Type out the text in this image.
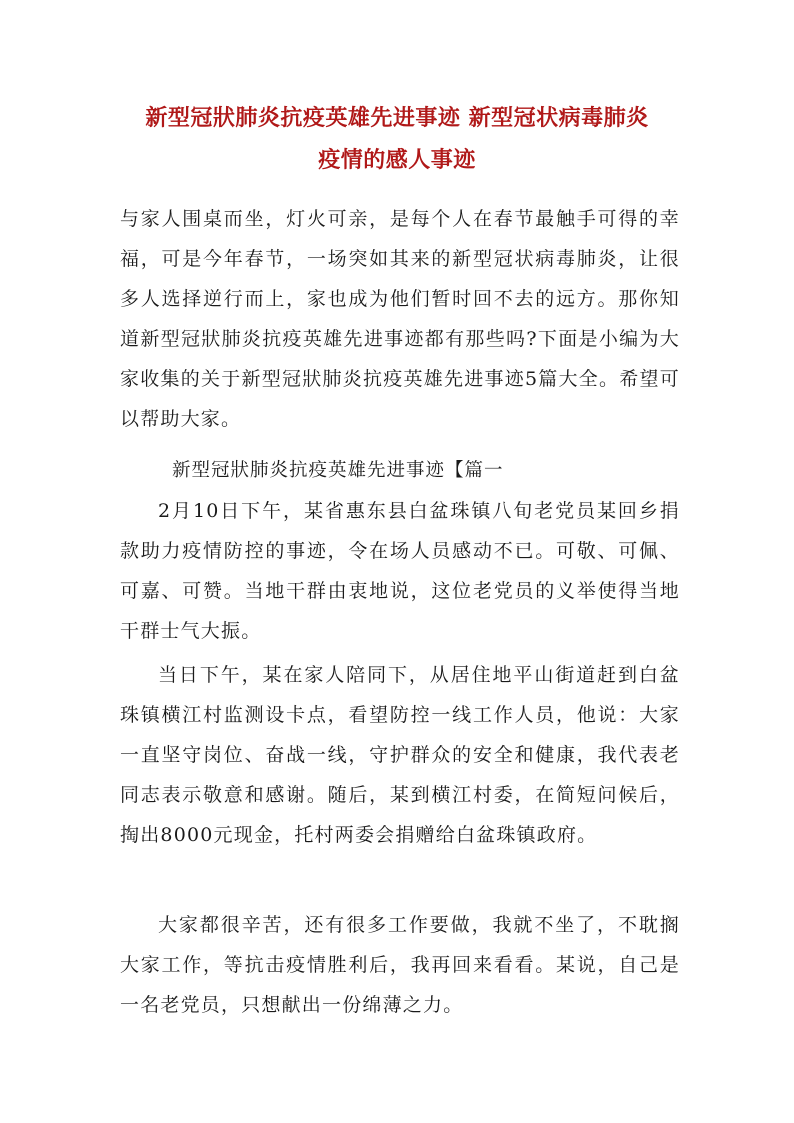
新型冠狀肺炎抗疫英雄先进事迹 新型冠状病毒肺炎
疫情的感人事迹

与家人围桌而坐，灯火可亲，是每个人在春节最触手可得的幸福，可是今年春节，一场突如其来的新型冠状病毒肺炎，让很多人选择逆行而上，家也成为他们暂时回不去的远方。那你知道新型冠狀肺炎抗疫英雄先进事迹都有那些吗?下面是小编为大家收集的关于新型冠狀肺炎抗疫英雄先进事迹5篇大全。希望可以帮助大家。

新型冠狀肺炎抗疫英雄先进事迹【篇一

2月10日下午，某省惠东县白盆珠镇八旬老党员某回乡捐款助力疫情防控的事迹，令在场人员感动不已。可敬、可佩、可嘉、可赞。当地干群由衷地说，这位老党员的义举使得当地干群士气大振。

当日下午，某在家人陪同下，从居住地平山街道赶到白盆珠镇横江村监测设卡点，看望防控一线工作人员，他说：大家一直坚守岗位、奋战一线，守护群众的安全和健康，我代表老同志表示敬意和感谢。随后，某到横江村委，在简短问候后，掏出8000元现金，托村两委会捐赠给白盆珠镇政府。

大家都很辛苦，还有很多工作要做，我就不坐了，不耽搁大家工作，等抗击疫情胜利后，我再回来看看。某说，自己是一名老党员，只想献出一份绵薄之力。
